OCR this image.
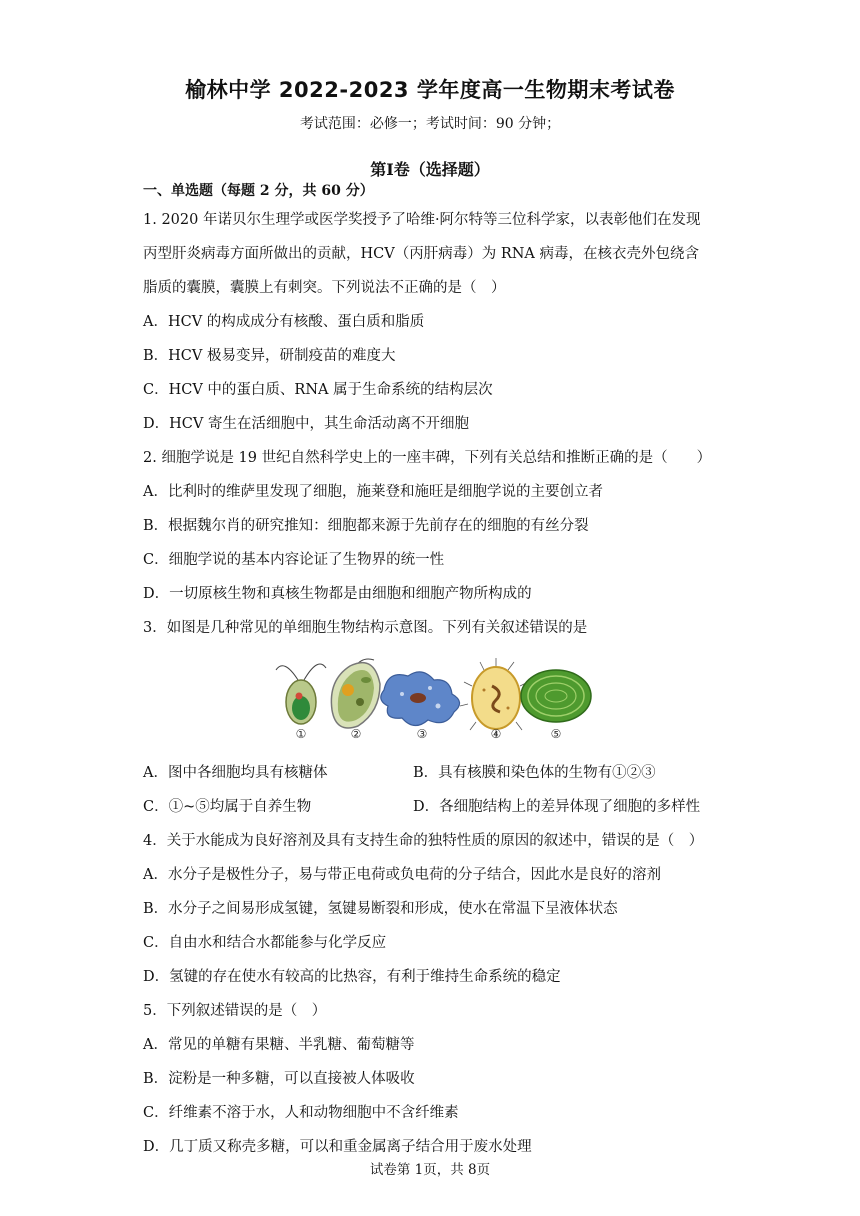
榆林中学 2022-2023 学年度高一生物期末考试卷
考试范围：必修一；考试时间：90 分钟；
第Ⅰ卷（选择题）
一、单选题（每题 2 分，共 60 分）
1. 2020 年诺贝尔生理学或医学奖授予了哈维·阿尔特等三位科学家，以表彰他们在发现
丙型肝炎病毒方面所做出的贡献，HCV（丙肝病毒）为 RNA 病毒，在核衣壳外包绕含
脂质的囊膜，囊膜上有刺突。下列说法不正确的是（　）
A．HCV 的构成成分有核酸、蛋白质和脂质
B．HCV 极易变异，研制疫苗的难度大
C．HCV 中的蛋白质、RNA 属于生命系统的结构层次
D．HCV 寄生在活细胞中，其生命活动离不开细胞
2. 细胞学说是 19 世纪自然科学史上的一座丰碑，下列有关总结和推断正确的是（　　）
A．比利时的维萨里发现了细胞，施莱登和施旺是细胞学说的主要创立者
B．根据魏尔肖的研究推知：细胞都来源于先前存在的细胞的有丝分裂
C．细胞学说的基本内容论证了生物界的统一性
D．一切原核生物和真核生物都是由细胞和细胞产物所构成的
3．如图是几种常见的单细胞生物结构示意图。下列有关叙述错误的是
①	②	③	④	⑤
A．图中各细胞均具有核糖体	B．具有核膜和染色体的生物有①②③
C．①~⑤均属于自养生物	D．各细胞结构上的差异体现了细胞的多样性
4．关于水能成为良好溶剂及具有支持生命的独特性质的原因的叙述中，错误的是（　）
A．水分子是极性分子，易与带正电荷或负电荷的分子结合，因此水是良好的溶剂
B．水分子之间易形成氢键，氢键易断裂和形成，使水在常温下呈液体状态
C．自由水和结合水都能参与化学反应
D．氢键的存在使水有较高的比热容，有利于维持生命系统的稳定
5．下列叙述错误的是（　）
A．常见的单糖有果糖、半乳糖、葡萄糖等
B．淀粉是一种多糖，可以直接被人体吸收
C．纤维素不溶于水，人和动物细胞中不含纤维素
D．几丁质又称壳多糖，可以和重金属离子结合用于废水处理
试卷第 1页，共 8页
